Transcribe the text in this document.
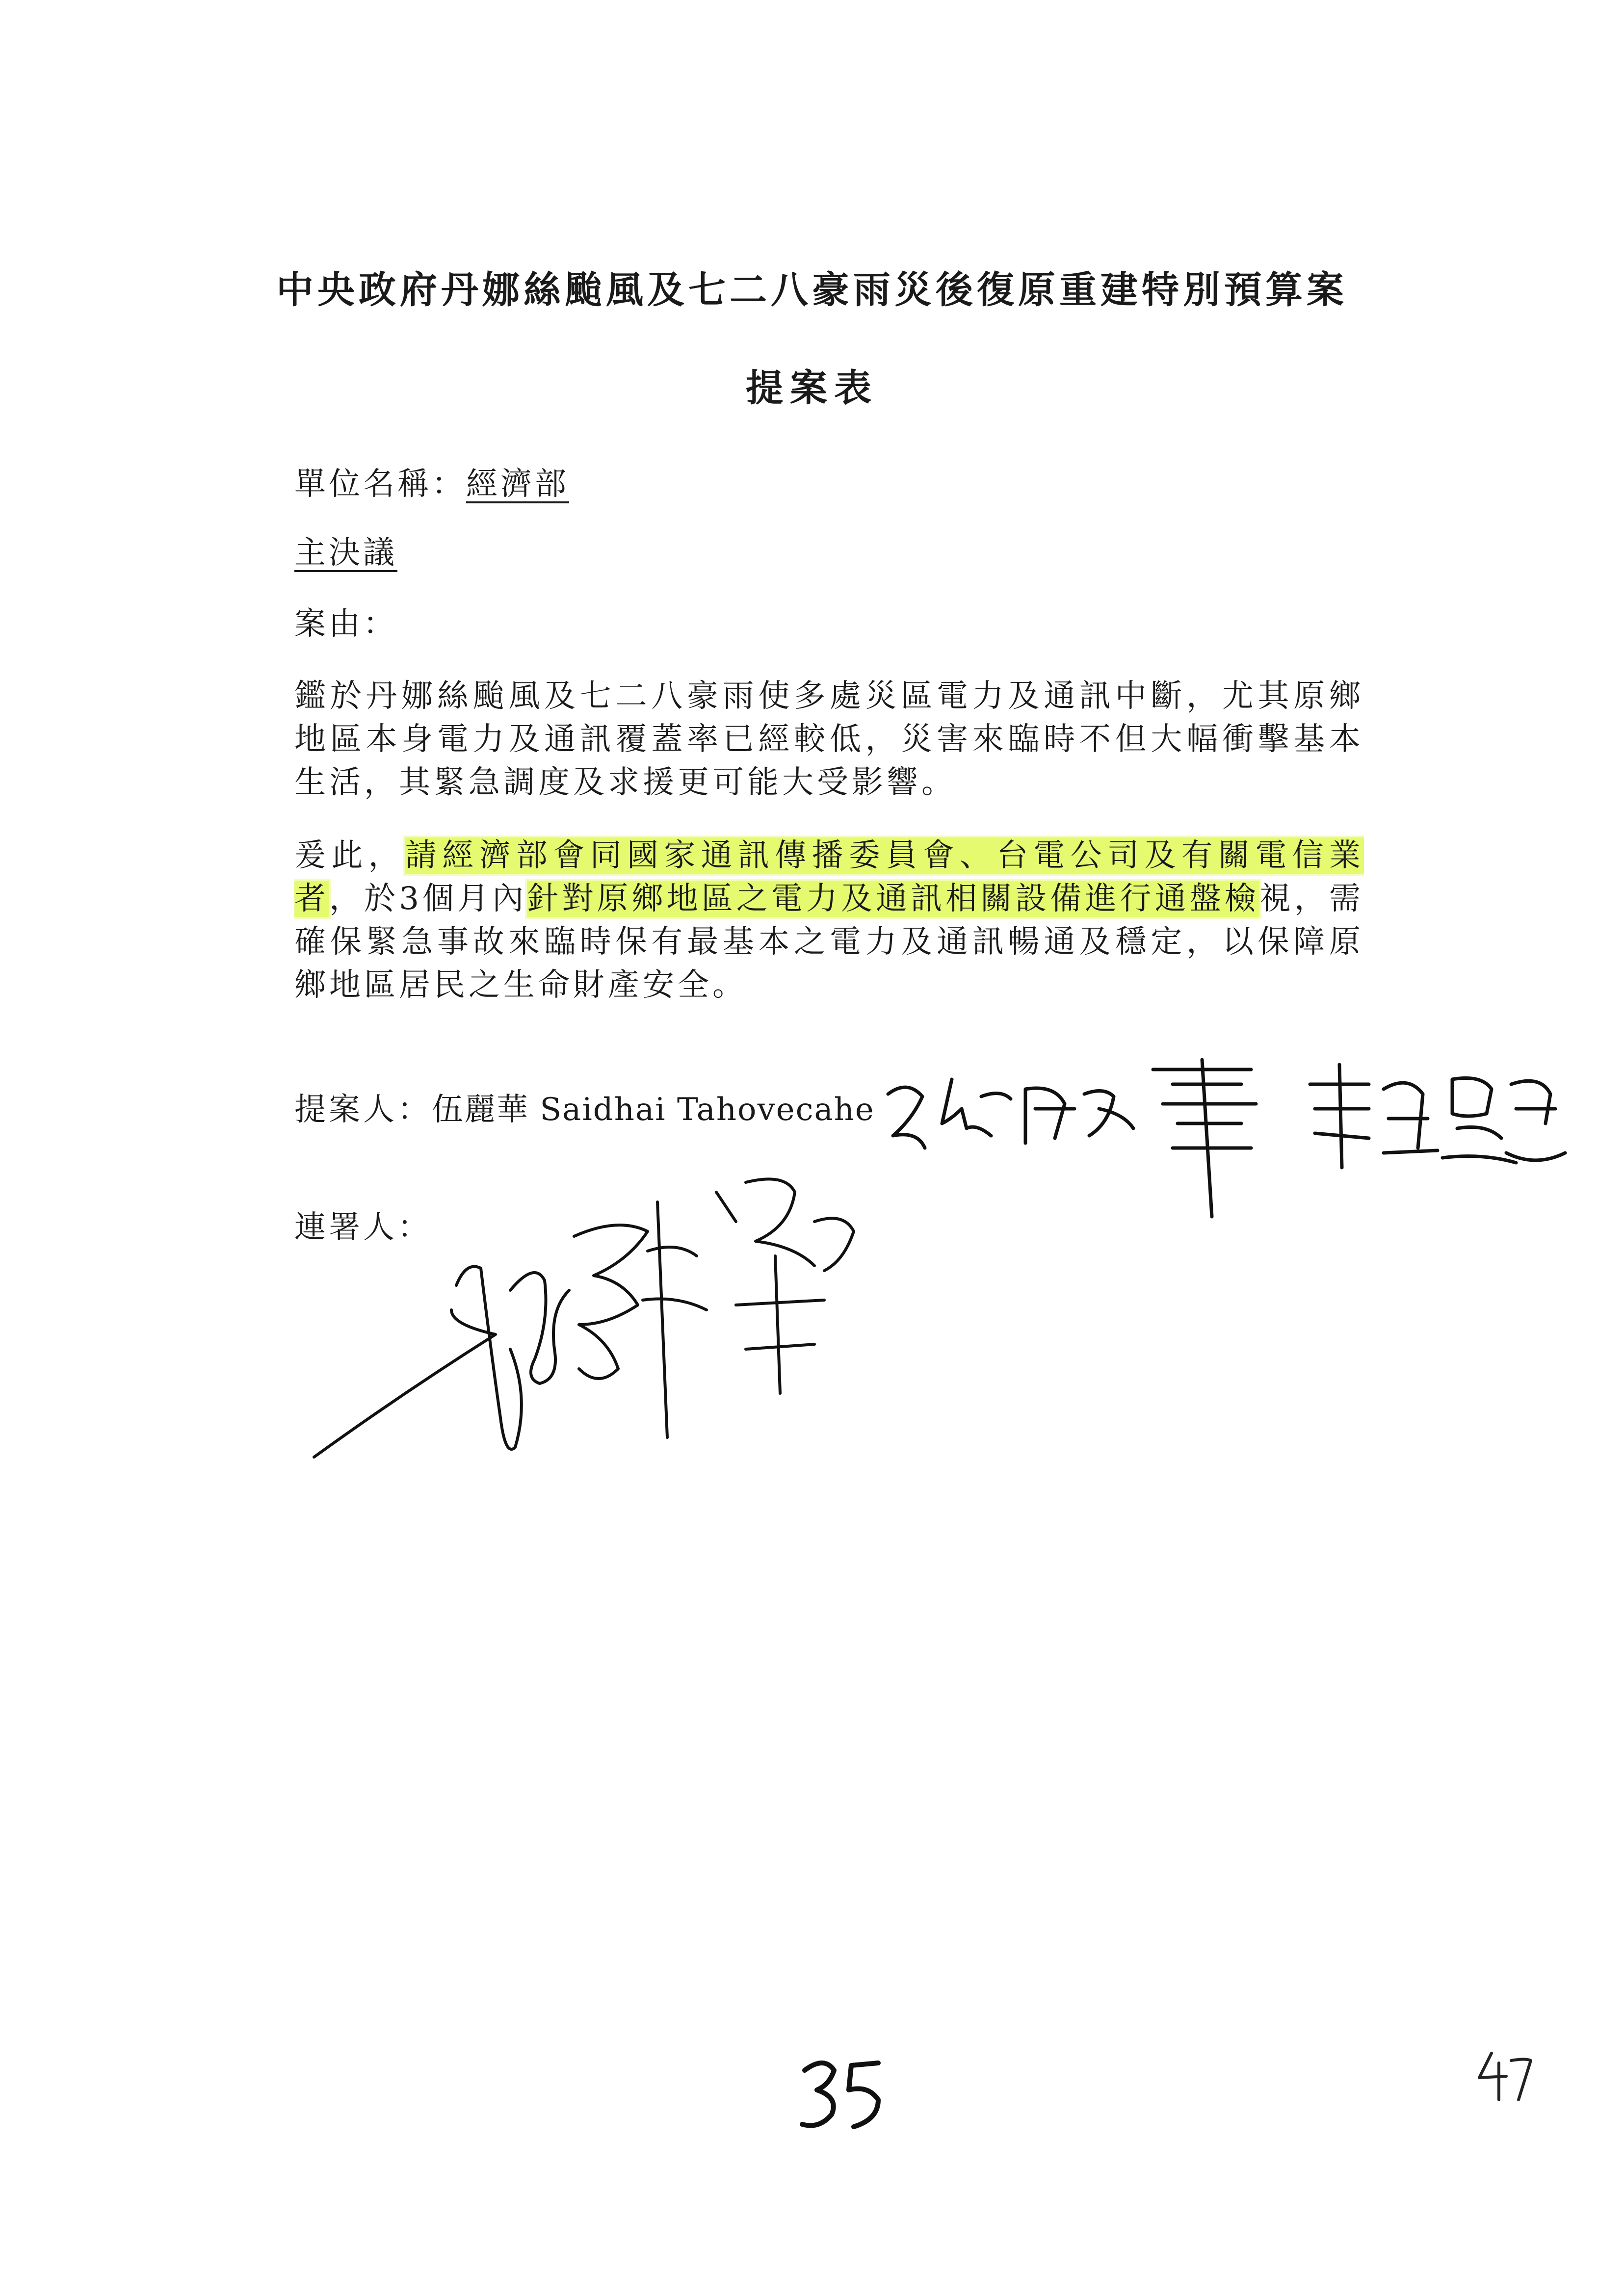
中央政府丹娜絲颱風及七二八豪雨災後復原重建特別預算案
提案表
單位名稱：經濟部
主決議
案由：
鑑於丹娜絲颱風及七二八豪雨使多處災區電力及通訊中斷，尤其原鄉地區本身電力及通訊覆蓋率已經較低，災害來臨時不但大幅衝擊基本生活，其緊急調度及求援更可能大受影響。
爰此，請經濟部會同國家通訊傳播委員會、台電公司及有關電信業者，於3個月內針對原鄉地區之電力及通訊相關設備進行通盤檢視，需確保緊急事故來臨時保有最基本之電力及通訊暢通及穩定，以保障原鄉地區居民之生命財產安全。
提案人：伍麗華 Saidhai Tahovecahe
連署人：
